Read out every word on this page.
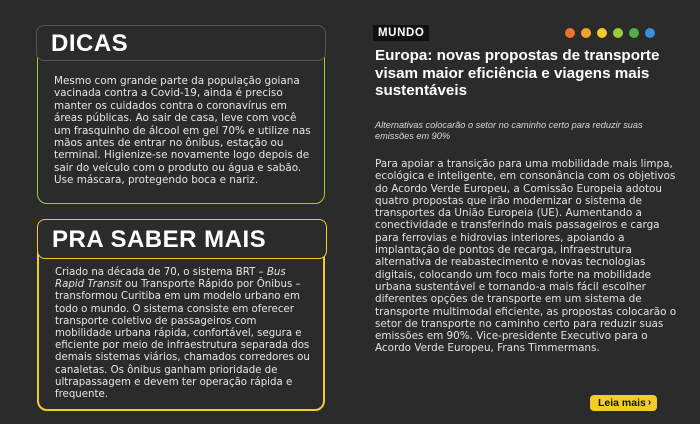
DICAS

Mesmo com grande parte da população goiana vacinada contra a Covid-19, ainda é preciso manter os cuidados contra o coronavírus em áreas públicas. Ao sair de casa, leve com você um frasquinho de álcool em gel 70% e utilize nas mãos antes de entrar no ônibus, estação ou terminal. Higienize-se novamente logo depois de sair do veículo com o produto ou água e sabão. Use máscara, protegendo boca e nariz.

PRA SABER MAIS

Criado na década de 70, o sistema BRT – Bus Rapid Transit ou Transporte Rápido por Ônibus – transformou Curitiba em um modelo urbano em todo o mundo. O sistema consiste em oferecer transporte coletivo de passageiros com mobilidade urbana rápida, confortável, segura e eficiente por meio de infraestrutura separada dos demais sistemas viários, chamados corredores ou canaletas. Os ônibus ganham prioridade de ultrapassagem e devem ter operação rápida e frequente.

MUNDO
Europa: novas propostas de transporte visam maior eficiência e viagens mais sustentáveis

Alternativas colocarão o setor no caminho certo para reduzir suas emissões em 90%

Para apoiar a transição para uma mobilidade mais limpa, ecológica e inteligente, em consonância com os objetivos do Acordo Verde Europeu, a Comissão Europeia adotou quatro propostas que irão modernizar o sistema de transportes da União Europeia (UE). Aumentando a conectividade e transferindo mais passageiros e carga para ferrovias e hidrovias interiores, apoiando a implantação de pontos de recarga, infraestrutura alternativa de reabastecimento e novas tecnologias digitais, colocando um foco mais forte na mobilidade urbana sustentável e tornando-a mais fácil escolher diferentes opções de transporte em um sistema de transporte multimodal eficiente, as propostas colocarão o setor de transporte no caminho certo para reduzir suas emissões em 90%. Vice-presidente Executivo para o Acordo Verde Europeu, Frans Timmermans.

Leia mais ›
